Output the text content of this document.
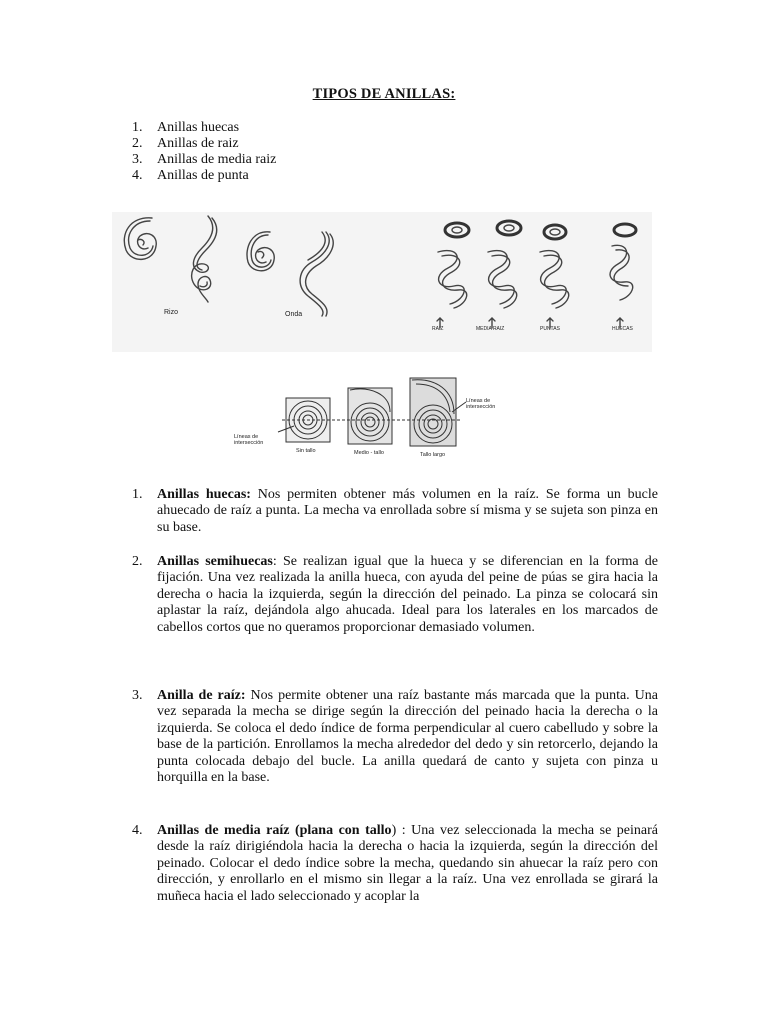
TIPOS DE ANILLAS:
1. Anillas huecas
2. Anillas de raiz
3. Anillas de media raiz
4. Anillas de punta
Rizo	Onda
RAIZ	MEDIA RAIZ	PUNTAS	HUECAS
Líneas de
intersección
Líneas de
intersección
Sin tallo	Medio - tallo	Tallo largo
1. Anillas huecas: Nos permiten obtener más volumen en la raíz. Se forma un bucle ahuecado de raíz a punta. La mecha va enrollada sobre sí misma y se sujeta son pinza en su base.
2. Anillas semihuecas: Se realizan igual que la hueca y se diferencian en la forma de fijación. Una vez realizada la anilla hueca, con ayuda del peine de púas se gira hacia la derecha o hacia la izquierda, según la dirección del peinado. La pinza se colocará sin aplastar la raíz, dejándola algo ahucada. Ideal para los laterales en los marcados de cabellos cortos que no queramos proporcionar demasiado volumen.
3. Anilla de raíz: Nos permite obtener una raíz bastante más marcada que la punta. Una vez separada la mecha se dirige según la dirección del peinado hacia la derecha o la izquierda. Se coloca el dedo índice de forma perpendicular al cuero cabelludo y sobre la base de la partición. Enrollamos la mecha alrededor del dedo y sin retorcerlo, dejando la punta colocada debajo del bucle. La anilla quedará de canto y sujeta con pinza u horquilla en la base.
4. Anillas de media raíz (plana con tallo) : Una vez seleccionada la mecha se peinará desde la raíz dirigiéndola hacia la derecha o hacia la izquierda, según la dirección del peinado. Colocar el dedo índice sobre la mecha, quedando sin ahuecar la raíz pero con dirección, y enrollarlo en el mismo sin llegar a la raíz. Una vez enrollada se girará la muñeca hacia el lado seleccionado y acoplar la
